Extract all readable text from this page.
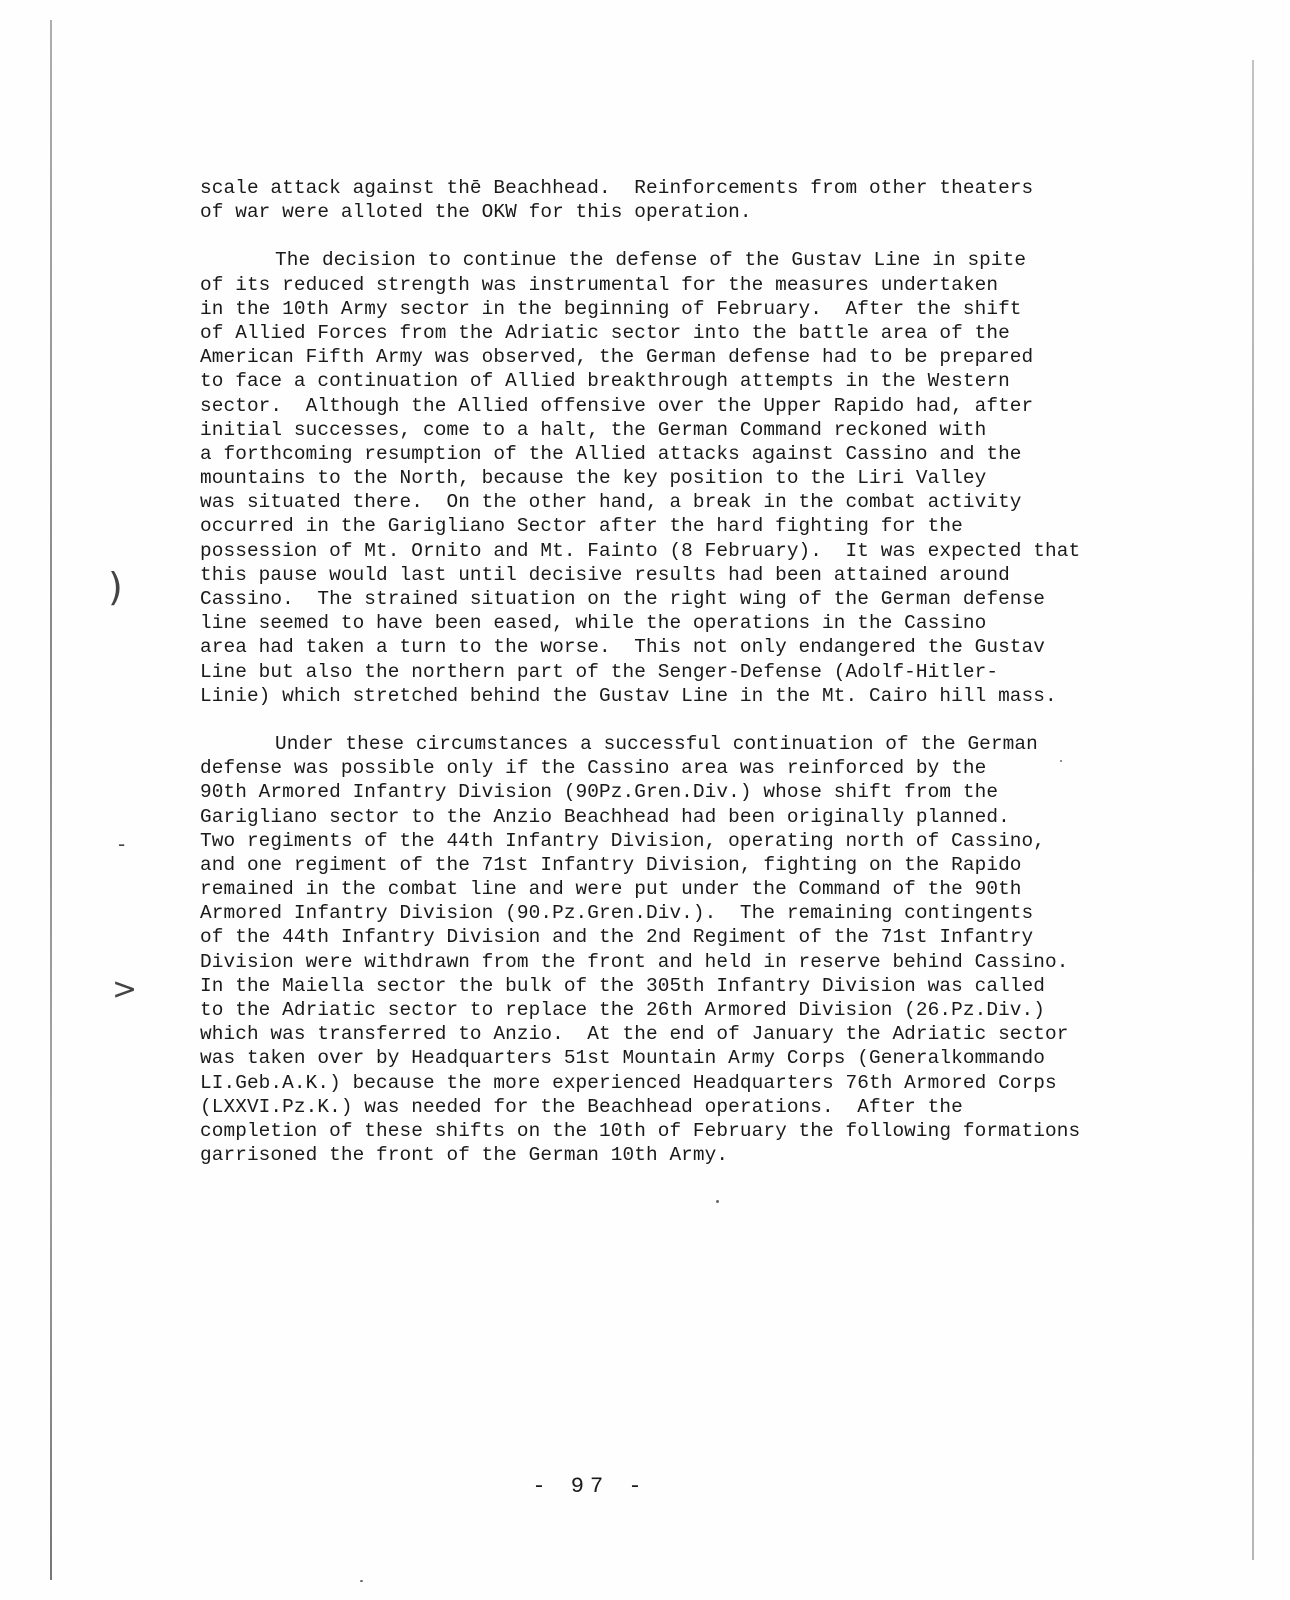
)
-
>
scale attack against thē Beachhead.  Reinforcements from other theaters
of war were alloted the OKW for this operation.
The decision to continue the defense of the Gustav Line in spite
of its reduced strength was instrumental for the measures undertaken
in the 10th Army sector in the beginning of February.  After the shift
of Allied Forces from the Adriatic sector into the battle area of the
American Fifth Army was observed, the German defense had to be prepared
to face a continuation of Allied breakthrough attempts in the Western
sector.  Although the Allied offensive over the Upper Rapido had, after
initial successes, come to a halt, the German Command reckoned with
a forthcoming resumption of the Allied attacks against Cassino and the
mountains to the North, because the key position to the Liri Valley
was situated there.  On the other hand, a break in the combat activity
occurred in the Garigliano Sector after the hard fighting for the
possession of Mt. Ornito and Mt. Fainto (8 February).  It was expected that
this pause would last until decisive results had been attained around
Cassino.  The strained situation on the right wing of the German defense
line seemed to have been eased, while the operations in the Cassino
area had taken a turn to the worse.  This not only endangered the Gustav
Line but also the northern part of the Senger-Defense (Adolf-Hitler-
Linie) which stretched behind the Gustav Line in the Mt. Cairo hill mass.
Under these circumstances a successful continuation of the German
defense was possible only if the Cassino area was reinforced by the
90th Armored Infantry Division (90Pz.Gren.Div.) whose shift from the
Garigliano sector to the Anzio Beachhead had been originally planned.
Two regiments of the 44th Infantry Division, operating north of Cassino,
and one regiment of the 71st Infantry Division, fighting on the Rapido
remained in the combat line and were put under the Command of the 90th
Armored Infantry Division (90.Pz.Gren.Div.).  The remaining contingents
of the 44th Infantry Division and the 2nd Regiment of the 71st Infantry
Division were withdrawn from the front and held in reserve behind Cassino.
In the Maiella sector the bulk of the 305th Infantry Division was called
to the Adriatic sector to replace the 26th Armored Division (26.Pz.Div.)
which was transferred to Anzio.  At the end of January the Adriatic sector
was taken over by Headquarters 51st Mountain Army Corps (Generalkommando
LI.Geb.A.K.) because the more experienced Headquarters 76th Armored Corps
(LXXVI.Pz.K.) was needed for the Beachhead operations.  After the
completion of these shifts on the 10th of February the following formations
garrisoned the front of the German 10th Army.
- 97 -
